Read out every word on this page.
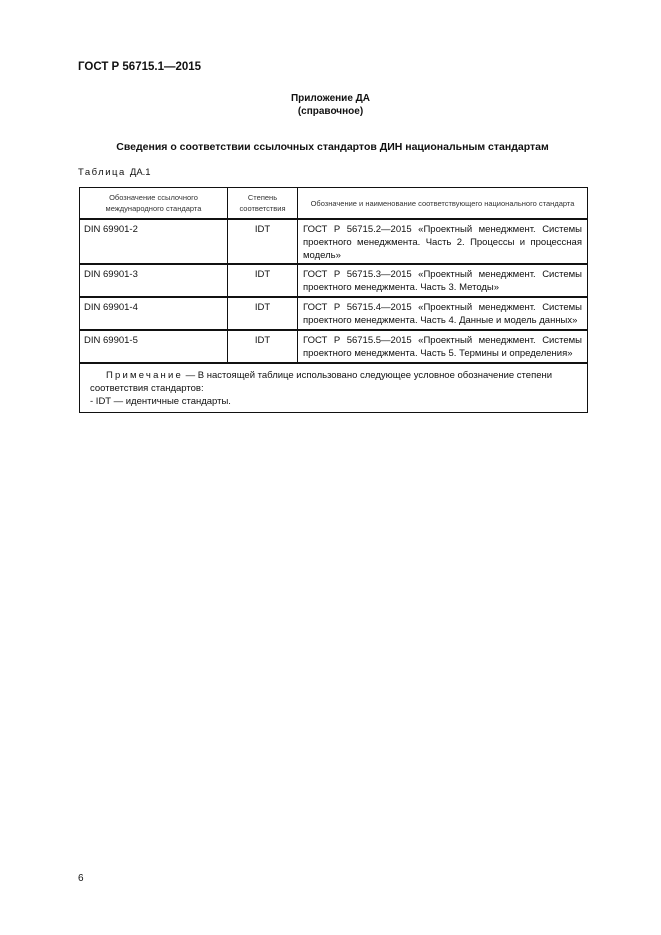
ГОСТ Р 56715.1—2015
Приложение ДА
(справочное)
Сведения о соответствии ссылочных стандартов ДИН национальным стандартам
Таблица ДА.1
Обозначение ссылочного международного стандарта	Степень соответствия	Обозначение и наименование соответствующего национального стандарта
DIN 69901-2	IDT	ГОСТ Р 56715.2—2015 «Проектный менеджмент. Системы проектного менеджмента. Часть 2. Процессы и процессная модель»
DIN 69901-3	IDT	ГОСТ Р 56715.3—2015 «Проектный менеджмент. Системы проектного менеджмента. Часть 3. Методы»
DIN 69901-4	IDT	ГОСТ Р 56715.4—2015 «Проектный менеджмент. Системы проектного менеджмента. Часть 4. Данные и модель данных»
DIN 69901-5	IDT	ГОСТ Р 56715.5—2015 «Проектный менеджмент. Системы проектного менеджмента. Часть 5. Термины и определения»
Примечание — В настоящей таблице использовано следующее условное обозначение степени соответствия стандартов:
- IDT — идентичные стандарты.		
6
